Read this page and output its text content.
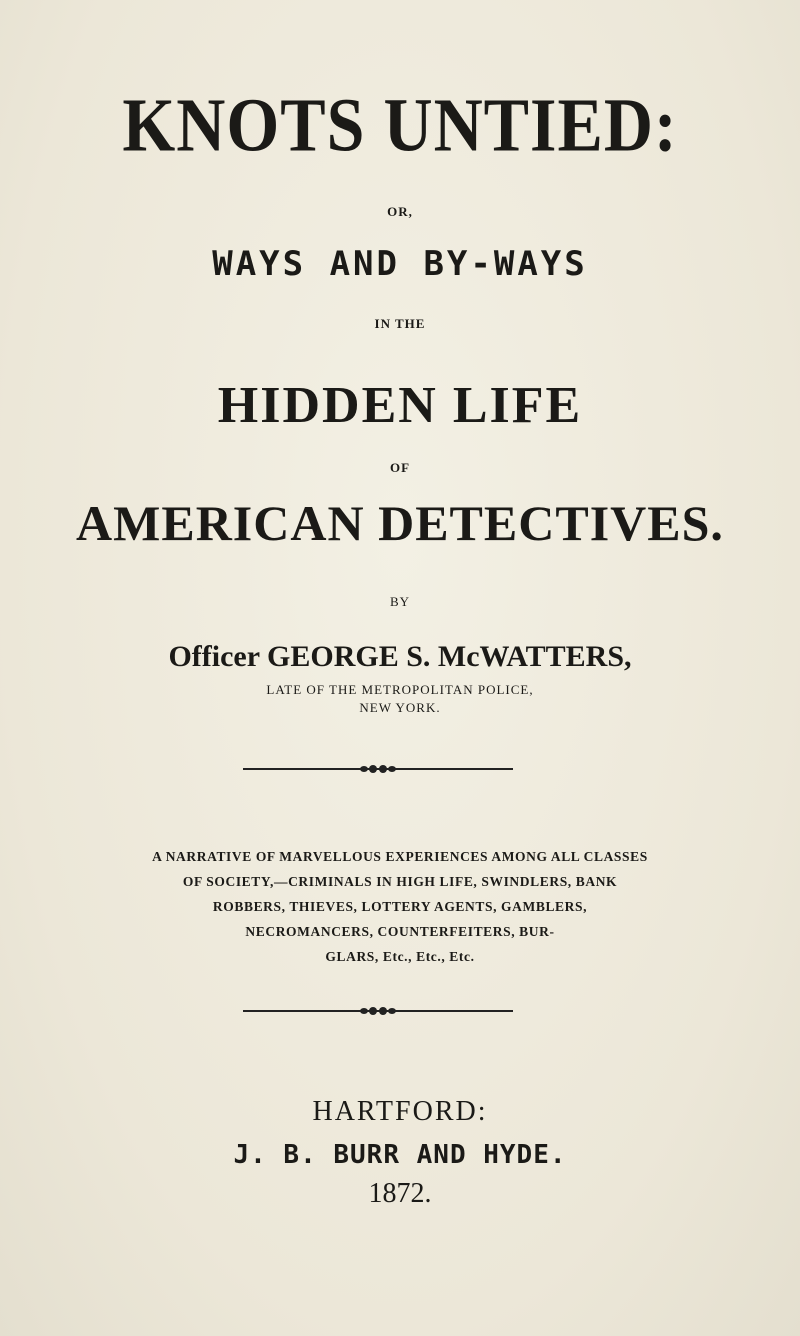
KNOTS UNTIED:
OR,
WAYS AND BY-WAYS
IN THE
HIDDEN LIFE
OF
AMERICAN DETECTIVES.
BY
Officer GEORGE S. McWATTERS,
LATE OF THE METROPOLITAN POLICE,
NEW YORK.
A NARRATIVE OF MARVELLOUS EXPERIENCES AMONG ALL CLASSES
OF SOCIETY,—CRIMINALS IN HIGH LIFE, SWINDLERS, BANK
ROBBERS, THIEVES, LOTTERY AGENTS, GAMBLERS,
NECROMANCERS, COUNTERFEITERS, BUR-
GLARS, Etc., Etc., Etc.
HARTFORD:
J. B. BURR AND HYDE.
1872.
